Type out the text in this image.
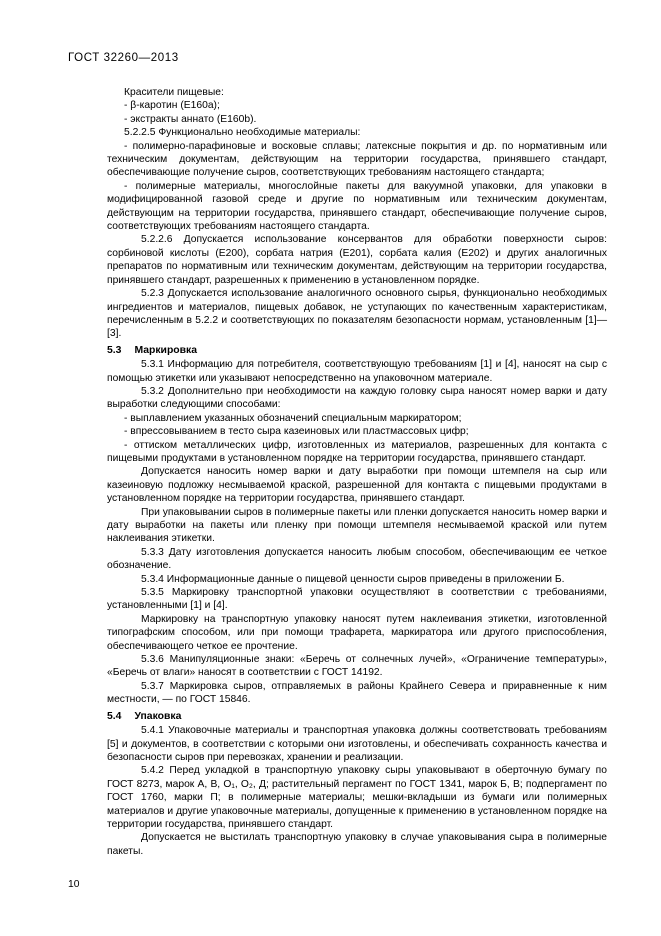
ГОСТ 32260—2013

Красители пищевые:

- β-каротин (Е160а);

- экстракты аннато (Е160b).

5.2.2.5 Функционально необходимые материалы:

- полимерно-парафиновые и восковые сплавы; латексные покрытия и др. по нормативным или техническим документам, действующим на территории государства, принявшего стандарт, обеспечивающие получение сыров, соответствующих требованиям настоящего стандарта;

- полимерные материалы, многослойные пакеты для вакуумной упаковки, для упаковки в модифицированной газовой среде и другие по нормативным или техническим документам, действующим на территории государства, принявшего стандарт, обеспечивающие получение сыров, соответствующих требованиям настоящего стандарта.

5.2.2.6 Допускается использование консервантов для обработки поверхности сыров: сорбиновой кислоты (Е200), сорбата натрия (Е201), сорбата калия (Е202) и других аналогичных препаратов по нормативным или техническим документам, действующим на территории государства, принявшего стандарт, разрешенных к применению в установленном порядке.

5.2.3 Допускается использование аналогичного основного сырья, функционально необходимых ингредиентов и материалов, пищевых добавок, не уступающих по качественным характеристикам, перечисленным в 5.2.2 и соответствующих по показателям безопасности нормам, установленным [1]—[3].

5.3 Маркировка

5.3.1 Информацию для потребителя, соответствующую требованиям [1] и [4], наносят на сыр с помощью этикетки или указывают непосредственно на упаковочном материале.

5.3.2 Дополнительно при необходимости на каждую головку сыра наносят номер варки и дату выработки следующими способами:

- выплавлением указанных обозначений специальным маркиратором;

- впрессовыванием в тесто сыра казеиновых или пластмассовых цифр;

- оттиском металлических цифр, изготовленных из материалов, разрешенных для контакта с пищевыми продуктами в установленном порядке на территории государства, принявшего стандарт.

Допускается наносить номер варки и дату выработки при помощи штемпеля на сыр или казеиновую подложку несмываемой краской, разрешенной для контакта с пищевыми продуктами в установленном порядке на территории государства, принявшего стандарт.

При упаковывании сыров в полимерные пакеты или пленки допускается наносить номер варки и дату выработки на пакеты или пленку при помощи штемпеля несмываемой краской или путем наклеивания этикетки.

5.3.3 Дату изготовления допускается наносить любым способом, обеспечивающим ее четкое обозначение.

5.3.4 Информационные данные о пищевой ценности сыров приведены в приложении Б.

5.3.5 Маркировку транспортной упаковки осуществляют в соответствии с требованиями, установленными [1] и [4].

Маркировку на транспортную упаковку наносят путем наклеивания этикетки, изготовленной типографским способом, или при помощи трафарета, маркиратора или другого приспособления, обеспечивающего четкое ее прочтение.

5.3.6 Манипуляционные знаки: «Беречь от солнечных лучей», «Ограничение температуры», «Беречь от влаги» наносят в соответствии с ГОСТ 14192.

5.3.7 Маркировка сыров, отправляемых в районы Крайнего Севера и приравненные к ним местности, — по ГОСТ 15846.

5.4 Упаковка

5.4.1 Упаковочные материалы и транспортная упаковка должны соответствовать требованиям [5] и документов, в соответствии с которыми они изготовлены, и обеспечивать сохранность качества и безопасности сыров при перевозках, хранении и реализации.

5.4.2 Перед укладкой в транспортную упаковку сыры упаковывают в оберточную бумагу по ГОСТ 8273, марок А, В, О₁, О₂, Д; растительный пергамент по ГОСТ 1341, марок Б, В; подпергамент по ГОСТ 1760, марки П; в полимерные материалы; мешки-вкладыши из бумаги или полимерных материалов и другие упаковочные материалы, допущенные к применению в установленном порядке на территории государства, принявшего стандарт.

Допускается не выстилать транспортную упаковку в случае упаковывания сыра в полимерные пакеты.

10
